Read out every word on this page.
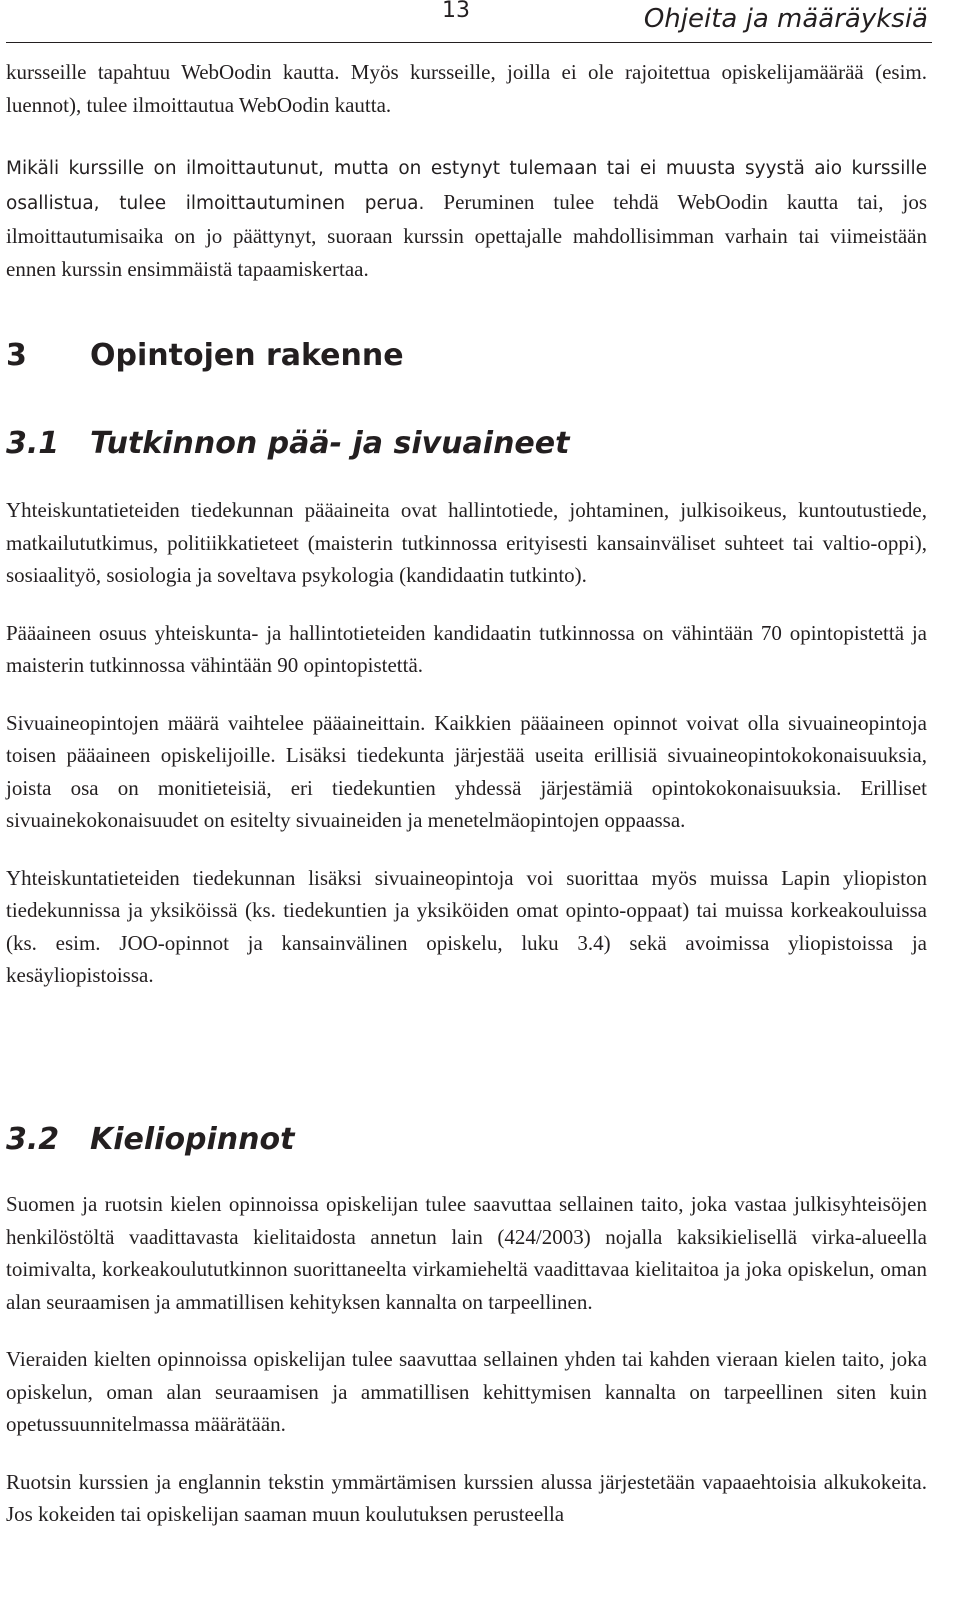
13	Ohjeita ja määräyksiä

kursseille tapahtuu WebOodin kautta. Myös kursseille, joilla ei ole rajoitettua opiskelijamäärää (esim. luennot), tulee ilmoittautua WebOodin kautta.

Mikäli kurssille on ilmoittautunut, mutta on estynyt tulemaan tai ei muusta syystä aio kurssille osallistua, tulee ilmoittautuminen perua. Peruminen tulee tehdä WebOodin kautta tai, jos ilmoittautumisaika on jo päättynyt, suoraan kurssin opettajalle mahdollisimman varhain tai viimeistään ennen kurssin ensimmäistä tapaamiskertaa.

3 Opintojen rakenne
3.1 Tutkinnon pää- ja sivuaineet

Yhteiskuntatieteiden tiedekunnan pääaineita ovat hallintotiede, johtaminen, julkisoikeus, kuntoutustiede, matkailututkimus, politiikkatieteet (maisterin tutkinnossa erityisesti kansainväliset suhteet tai valtio-oppi), sosiaalityö, sosiologia ja soveltava psykologia (kandidaatin tutkinto).

Pääaineen osuus yhteiskunta- ja hallintotieteiden kandidaatin tutkinnossa on vähintään 70 opintopistettä ja maisterin tutkinnossa vähintään 90 opintopistettä.

Sivuaineopintojen määrä vaihtelee pääaineittain. Kaikkien pääaineen opinnot voivat olla sivuaineopintoja toisen pääaineen opiskelijoille. Lisäksi tiedekunta järjestää useita erillisiä sivuaineopintokokonaisuuksia, joista osa on monitieteisiä, eri tiedekuntien yhdessä järjestämiä opintokokonaisuuksia. Erilliset sivuainekokonaisuudet on esitelty sivuaineiden ja menetelmäopintojen oppaassa.

Yhteiskuntatieteiden tiedekunnan lisäksi sivuaineopintoja voi suorittaa myös muissa Lapin yliopiston tiedekunnissa ja yksiköissä (ks. tiedekuntien ja yksiköiden omat opinto-oppaat) tai muissa korkeakouluissa (ks. esim. JOO-opinnot ja kansainvälinen opiskelu, luku 3.4) sekä avoimissa yliopistoissa ja kesäyliopistoissa.

3.2 Kieliopinnot

Suomen ja ruotsin kielen opinnoissa opiskelijan tulee saavuttaa sellainen taito, joka vastaa julkisyhteisöjen henkilöstöltä vaadittavasta kielitaidosta annetun lain (424/2003) nojalla kaksikielisellä virka-alueella toimivalta, korkeakoulututkinnon suorittaneelta virkamieheltä vaadittavaa kielitaitoa ja joka opiskelun, oman alan seuraamisen ja ammatillisen kehityksen kannalta on tarpeellinen.

Vieraiden kielten opinnoissa opiskelijan tulee saavuttaa sellainen yhden tai kahden vieraan kielen taito, joka opiskelun, oman alan seuraamisen ja ammatillisen kehittymisen kannalta on tarpeellinen siten kuin opetussuunnitelmassa määrätään.

Ruotsin kurssien ja englannin tekstin ymmärtämisen kurssien alussa järjestetään vapaaehtoisia alkukokeita. Jos kokeiden tai opiskelijan saaman muun koulutuksen perusteella
